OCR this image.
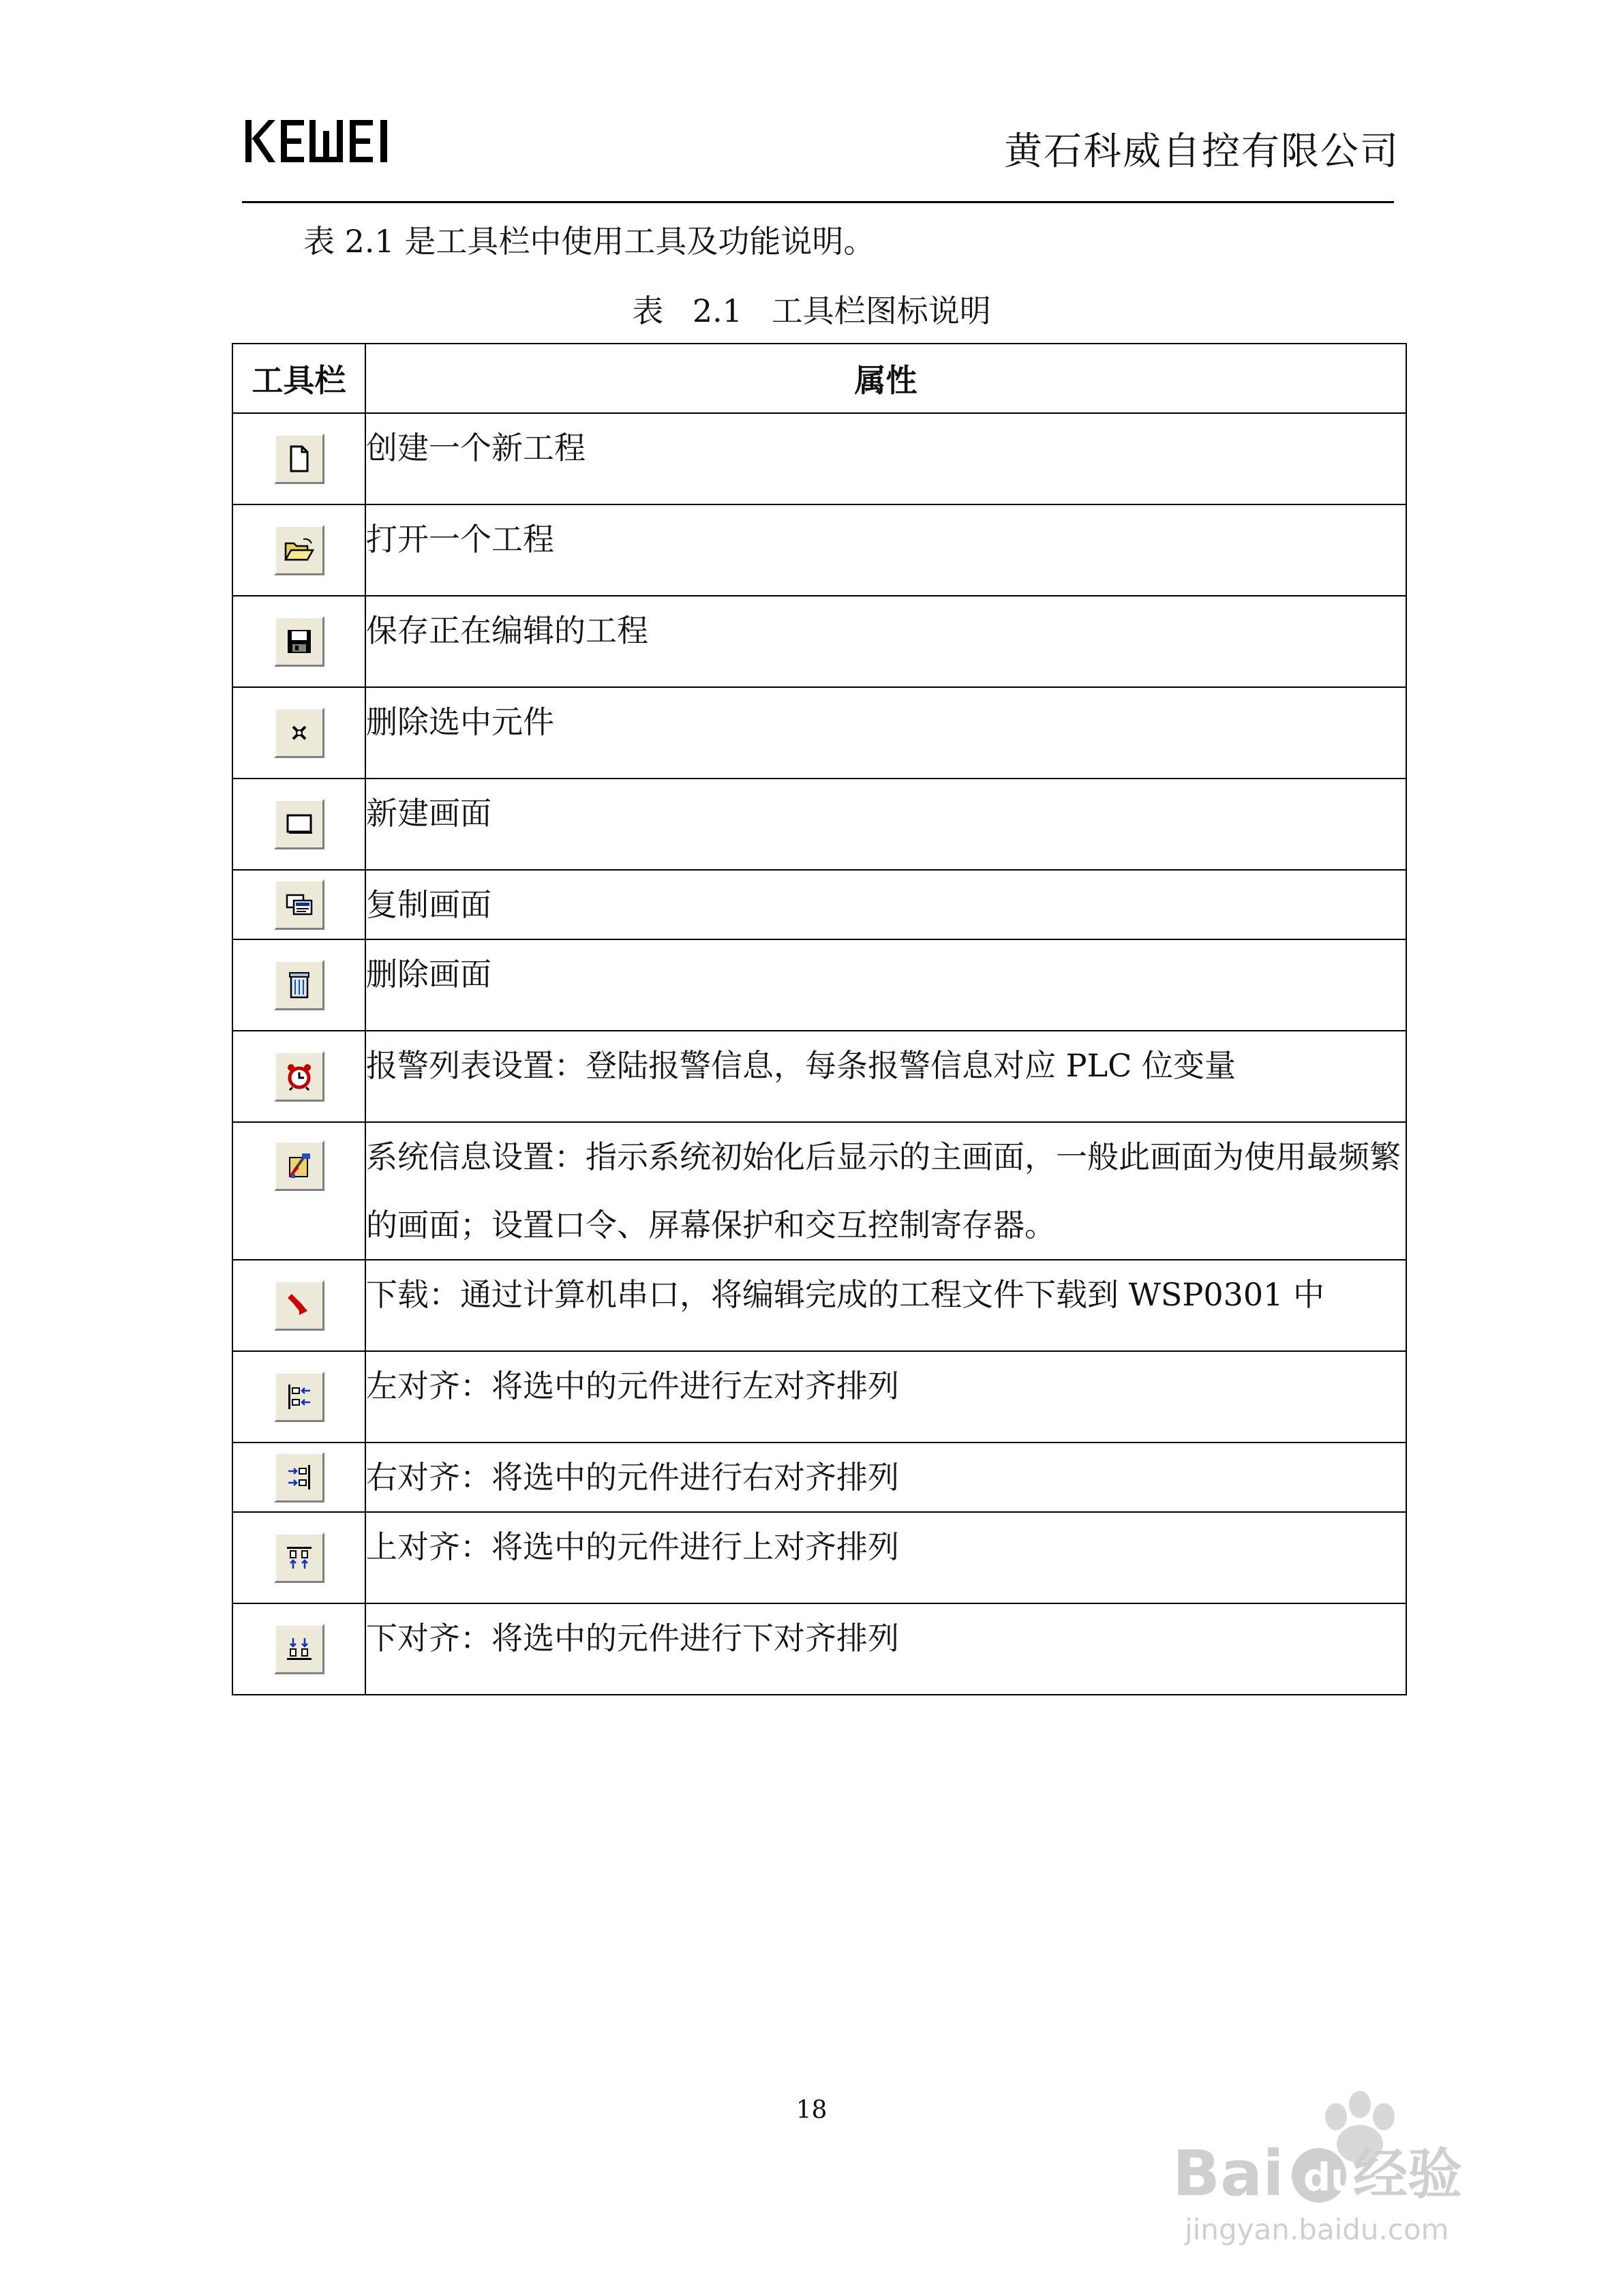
黄石科威自控有限公司
表 2.1 是工具栏中使用工具及功能说明。
表 2.1 工具栏图标说明
工具栏	属性

	创建一个新工程

	打开一个工程

	保存正在编辑的工程

	删除选中元件

	新建画面

	复制画面

	删除画面

	报警列表设置：登陆报警信息，每条报警信息对应 PLC 位变量

	系统信息设置：指示系统初始化后显示的主画面，一般此画面为使用最频繁的画面；设置口令、屏幕保护和交互控制寄存器。

	下载：通过计算机串口，将编辑完成的工程文件下载到 WSP0301 中

	左对齐：将选中的元件进行左对齐排列

	右对齐：将选中的元件进行右对齐排列

	上对齐：将选中的元件进行上对齐排列

	下对齐：将选中的元件进行下对齐排列
18
Bai du
经验
jingyan.baidu.com
